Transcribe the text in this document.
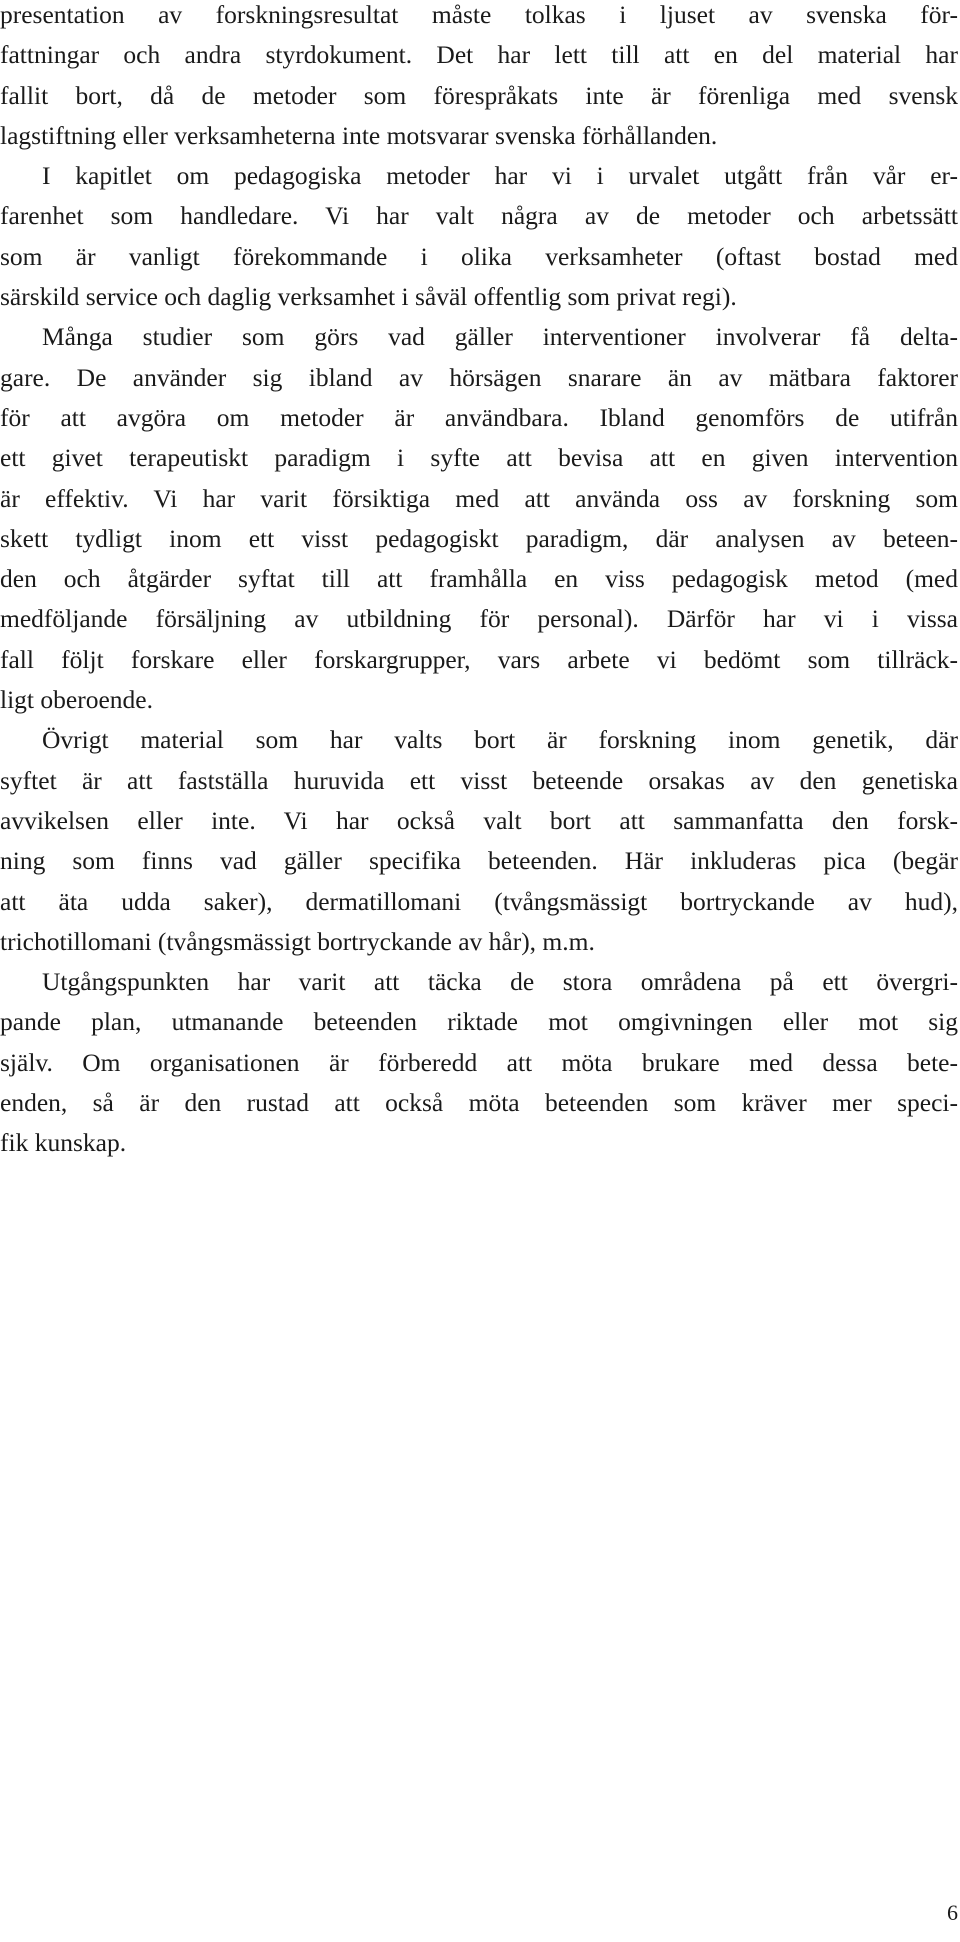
presentation av forskningsresultat måste tolkas i ljuset av svenska för-
fattningar och andra styrdokument. Det har lett till att en del material har
fallit bort, då de metoder som förespråkats inte är förenliga med svensk
lagstiftning eller verksamheterna inte motsvarar svenska förhållanden.
I kapitlet om pedagogiska metoder har vi i urvalet utgått från vår er-
farenhet som handledare. Vi har valt några av de metoder och arbetssätt
som är vanligt förekommande i olika verksamheter (oftast bostad med
särskild service och daglig verksamhet i såväl offentlig som privat regi).
Många studier som görs vad gäller interventioner involverar få delta-
gare. De använder sig ibland av hörsägen snarare än av mätbara faktorer
för att avgöra om metoder är användbara. Ibland genomförs de utifrån
ett givet terapeutiskt paradigm i syfte att bevisa att en given intervention
är effektiv. Vi har varit försiktiga med att använda oss av forskning som
skett tydligt inom ett visst pedagogiskt paradigm, där analysen av beteen-
den och åtgärder syftat till att framhålla en viss pedagogisk metod (med
medföljande försäljning av utbildning för personal). Därför har vi i vissa
fall följt forskare eller forskargrupper, vars arbete vi bedömt som tillräck-
ligt oberoende.
Övrigt material som har valts bort är forskning inom genetik, där
syftet är att fastställa huruvida ett visst beteende orsakas av den genetiska
avvikelsen eller inte. Vi har också valt bort att sammanfatta den forsk-
ning som finns vad gäller specifika beteenden. Här inkluderas pica (begär
att äta udda saker), dermatillomani (tvångsmässigt bortryckande av hud),
trichotillomani (tvångsmässigt bortryckande av hår), m.m.
Utgångspunkten har varit att täcka de stora områdena på ett övergri-
pande plan, utmanande beteenden riktade mot omgivningen eller mot sig
själv. Om organisationen är förberedd att möta brukare med dessa bete-
enden, så är den rustad att också möta beteenden som kräver mer speci-
fik kunskap.
6
